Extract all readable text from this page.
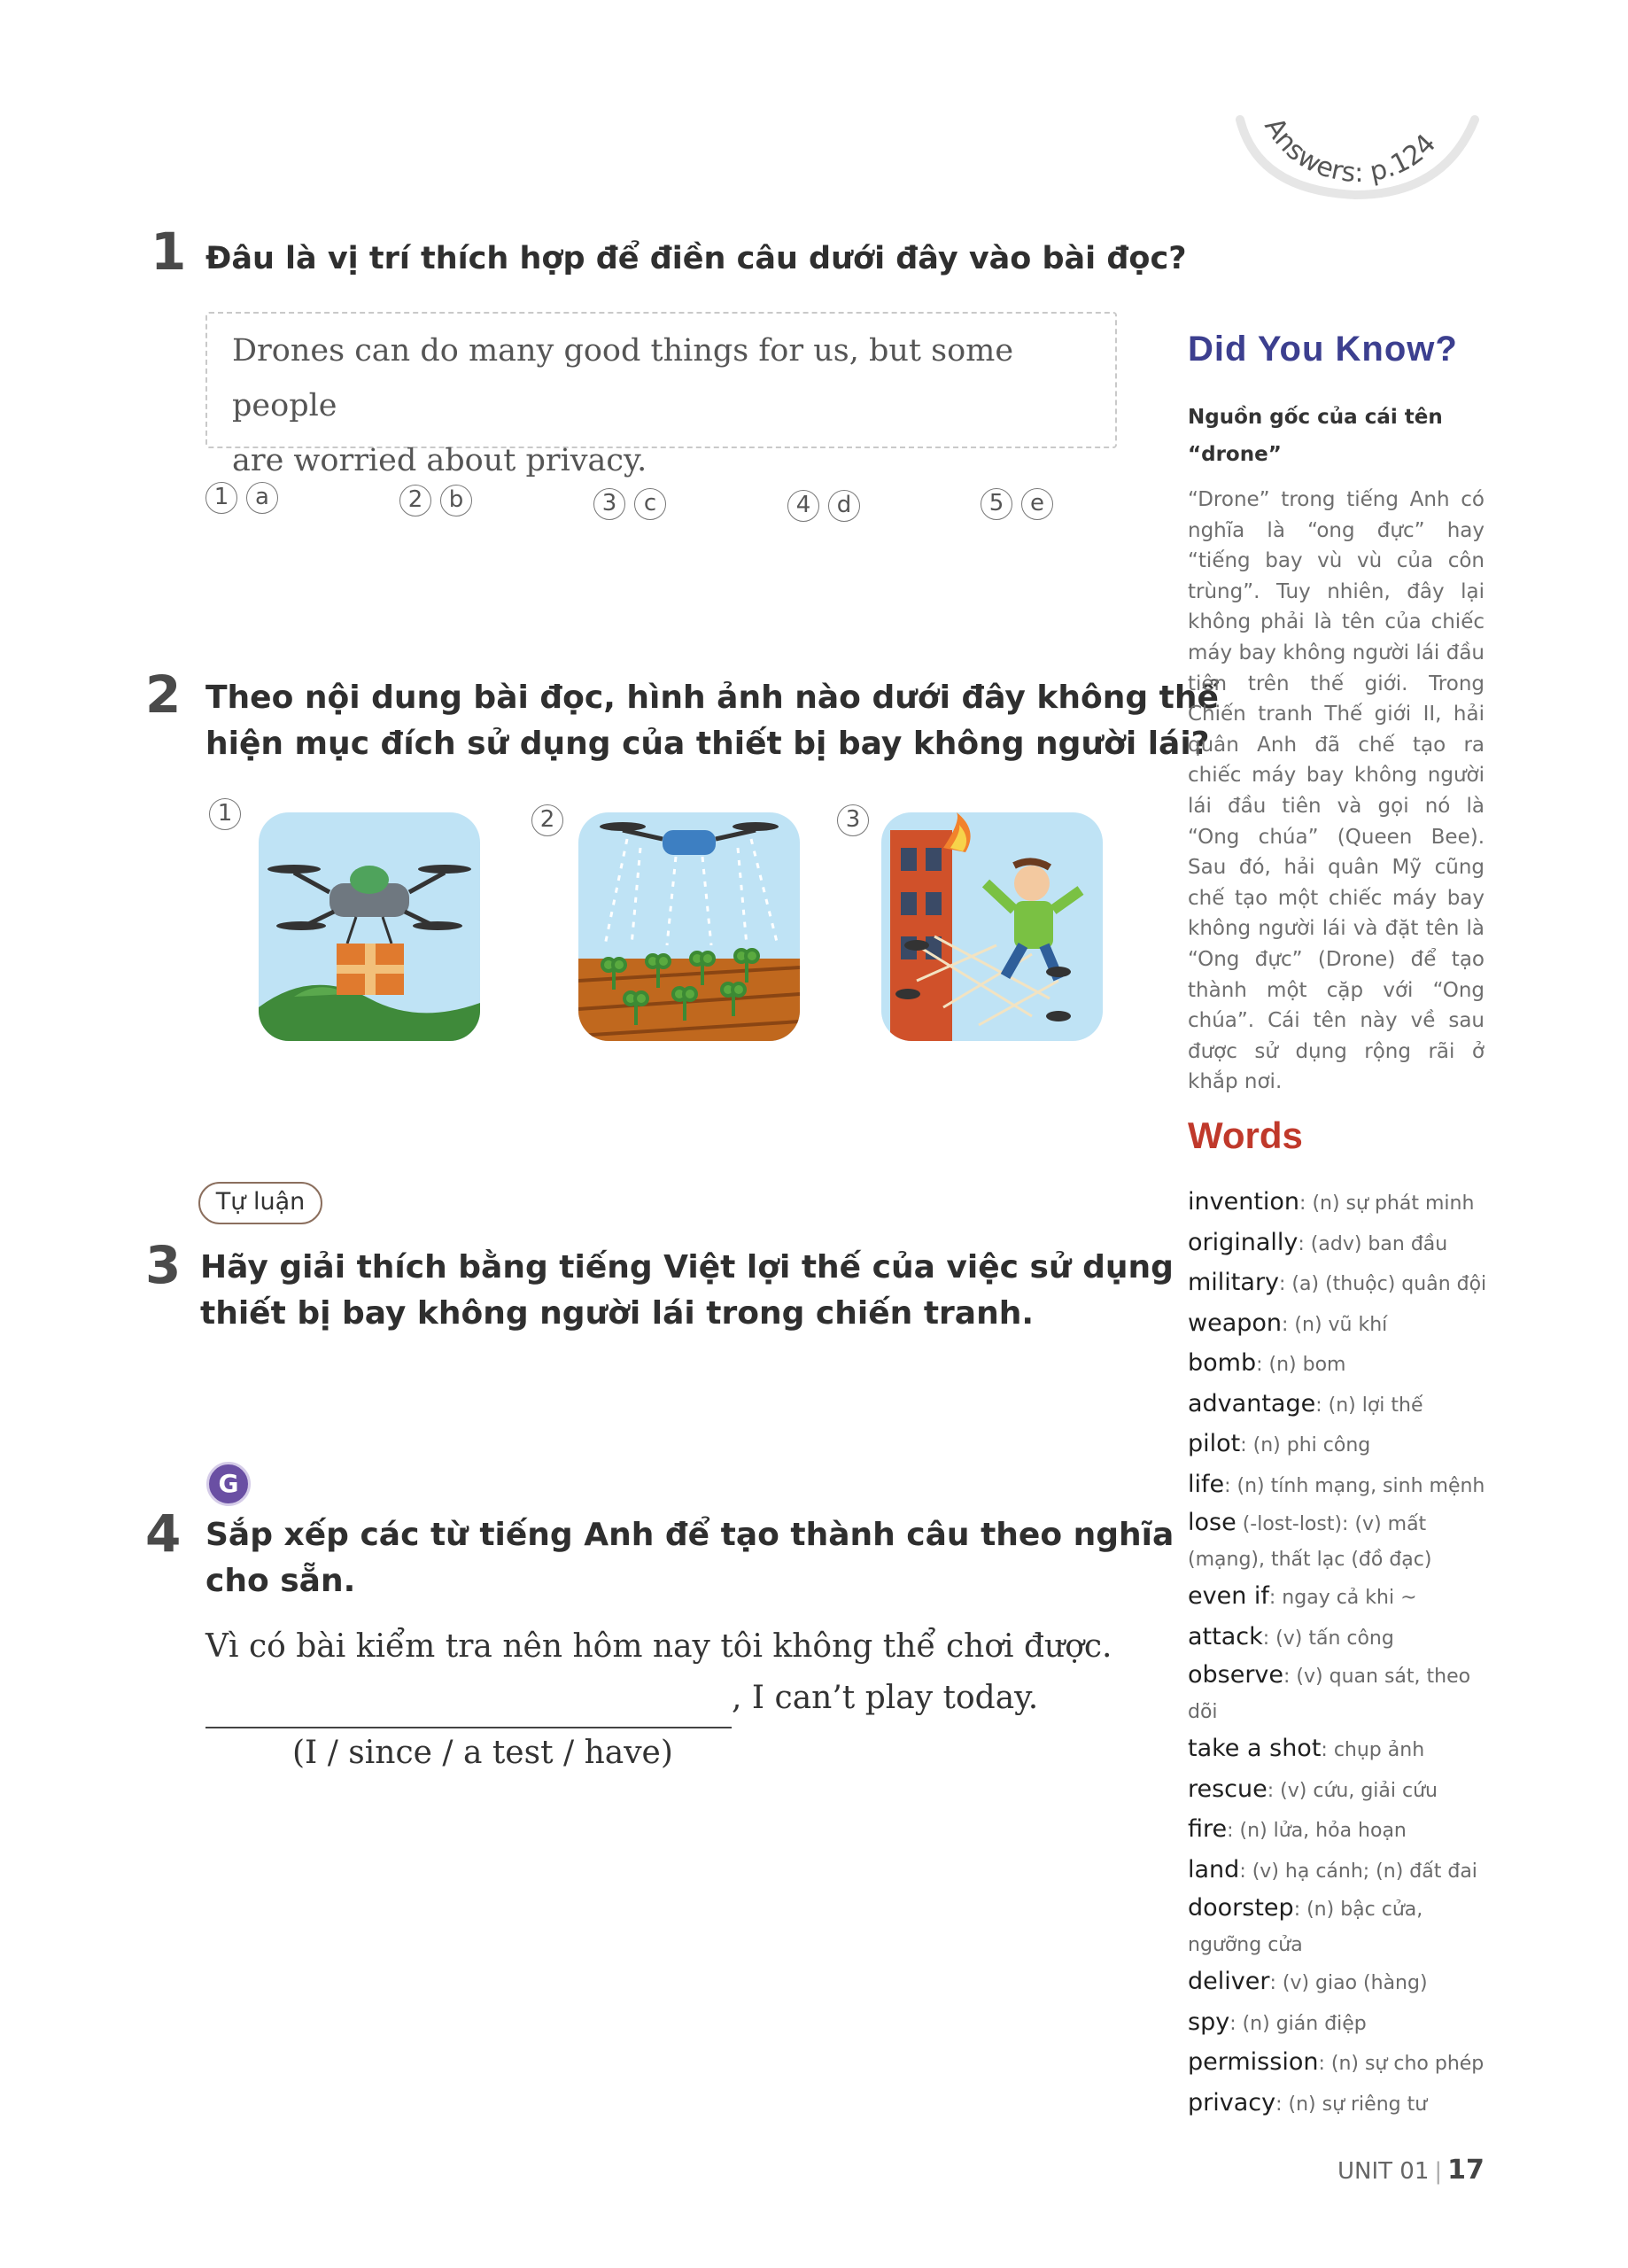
Answers: p.124
1 Đâu là vị trí thích hợp để điền câu dưới đây vào bài đọc?
Drones can do many good things for us, but some people
are worried about privacy.
1 a	2 b	3 c	4 d	5 e
2 Theo nội dung bài đọc, hình ảnh nào dưới đây không thể
hiện mục đích sử dụng của thiết bị bay không người lái?
1	2	3
Tự luận
3 Hãy giải thích bằng tiếng Việt lợi thế của việc sử dụng
thiết bị bay không người lái trong chiến tranh.
G
4 Sắp xếp các từ tiếng Anh để tạo thành câu theo nghĩa
cho sẵn.
Vì có bài kiểm tra nên hôm nay tôi không thể chơi được.
, I can’t play today.
(I / since / a test / have)
Did You Know?
Nguồn gốc của cái tên
“drone”
“Drone” trong tiếng Anh có nghĩa là “ong đực” hay “tiếng bay vù vù của côn trùng”. Tuy nhiên, đây lại không phải là tên của chiếc máy bay không người lái đầu tiên trên thế giới. Trong Chiến tranh Thế giới II, hải quân Anh đã chế tạo ra chiếc máy bay không người lái đầu tiên và gọi nó là “Ong chúa” (Queen Bee). Sau đó, hải quân Mỹ cũng chế tạo một chiếc máy bay không người lái và đặt tên là “Ong đực” (Drone) để tạo thành một cặp với “Ong chúa”. Cái tên này về sau được sử dụng rộng rãi ở khắp nơi.
Words
invention: (n) sự phát minh
originally: (adv) ban đầu
military: (a) (thuộc) quân đội
weapon: (n) vũ khí
bomb: (n) bom
advantage: (n) lợi thế
pilot: (n) phi công
life: (n) tính mạng, sinh mệnh
lose (-lost-lost): (v) mất (mạng), thất lạc (đồ đạc)
even if: ngay cả khi ~
attack: (v) tấn công
observe: (v) quan sát, theo dõi
take a shot: chụp ảnh
rescue: (v) cứu, giải cứu
fire: (n) lửa, hỏa hoạn
land: (v) hạ cánh; (n) đất đai
doorstep: (n) bậc cửa, ngưỡng cửa
deliver: (v) giao (hàng)
spy: (n) gián điệp
permission: (n) sự cho phép
privacy: (n) sự riêng tư
UNIT 01 | 17
